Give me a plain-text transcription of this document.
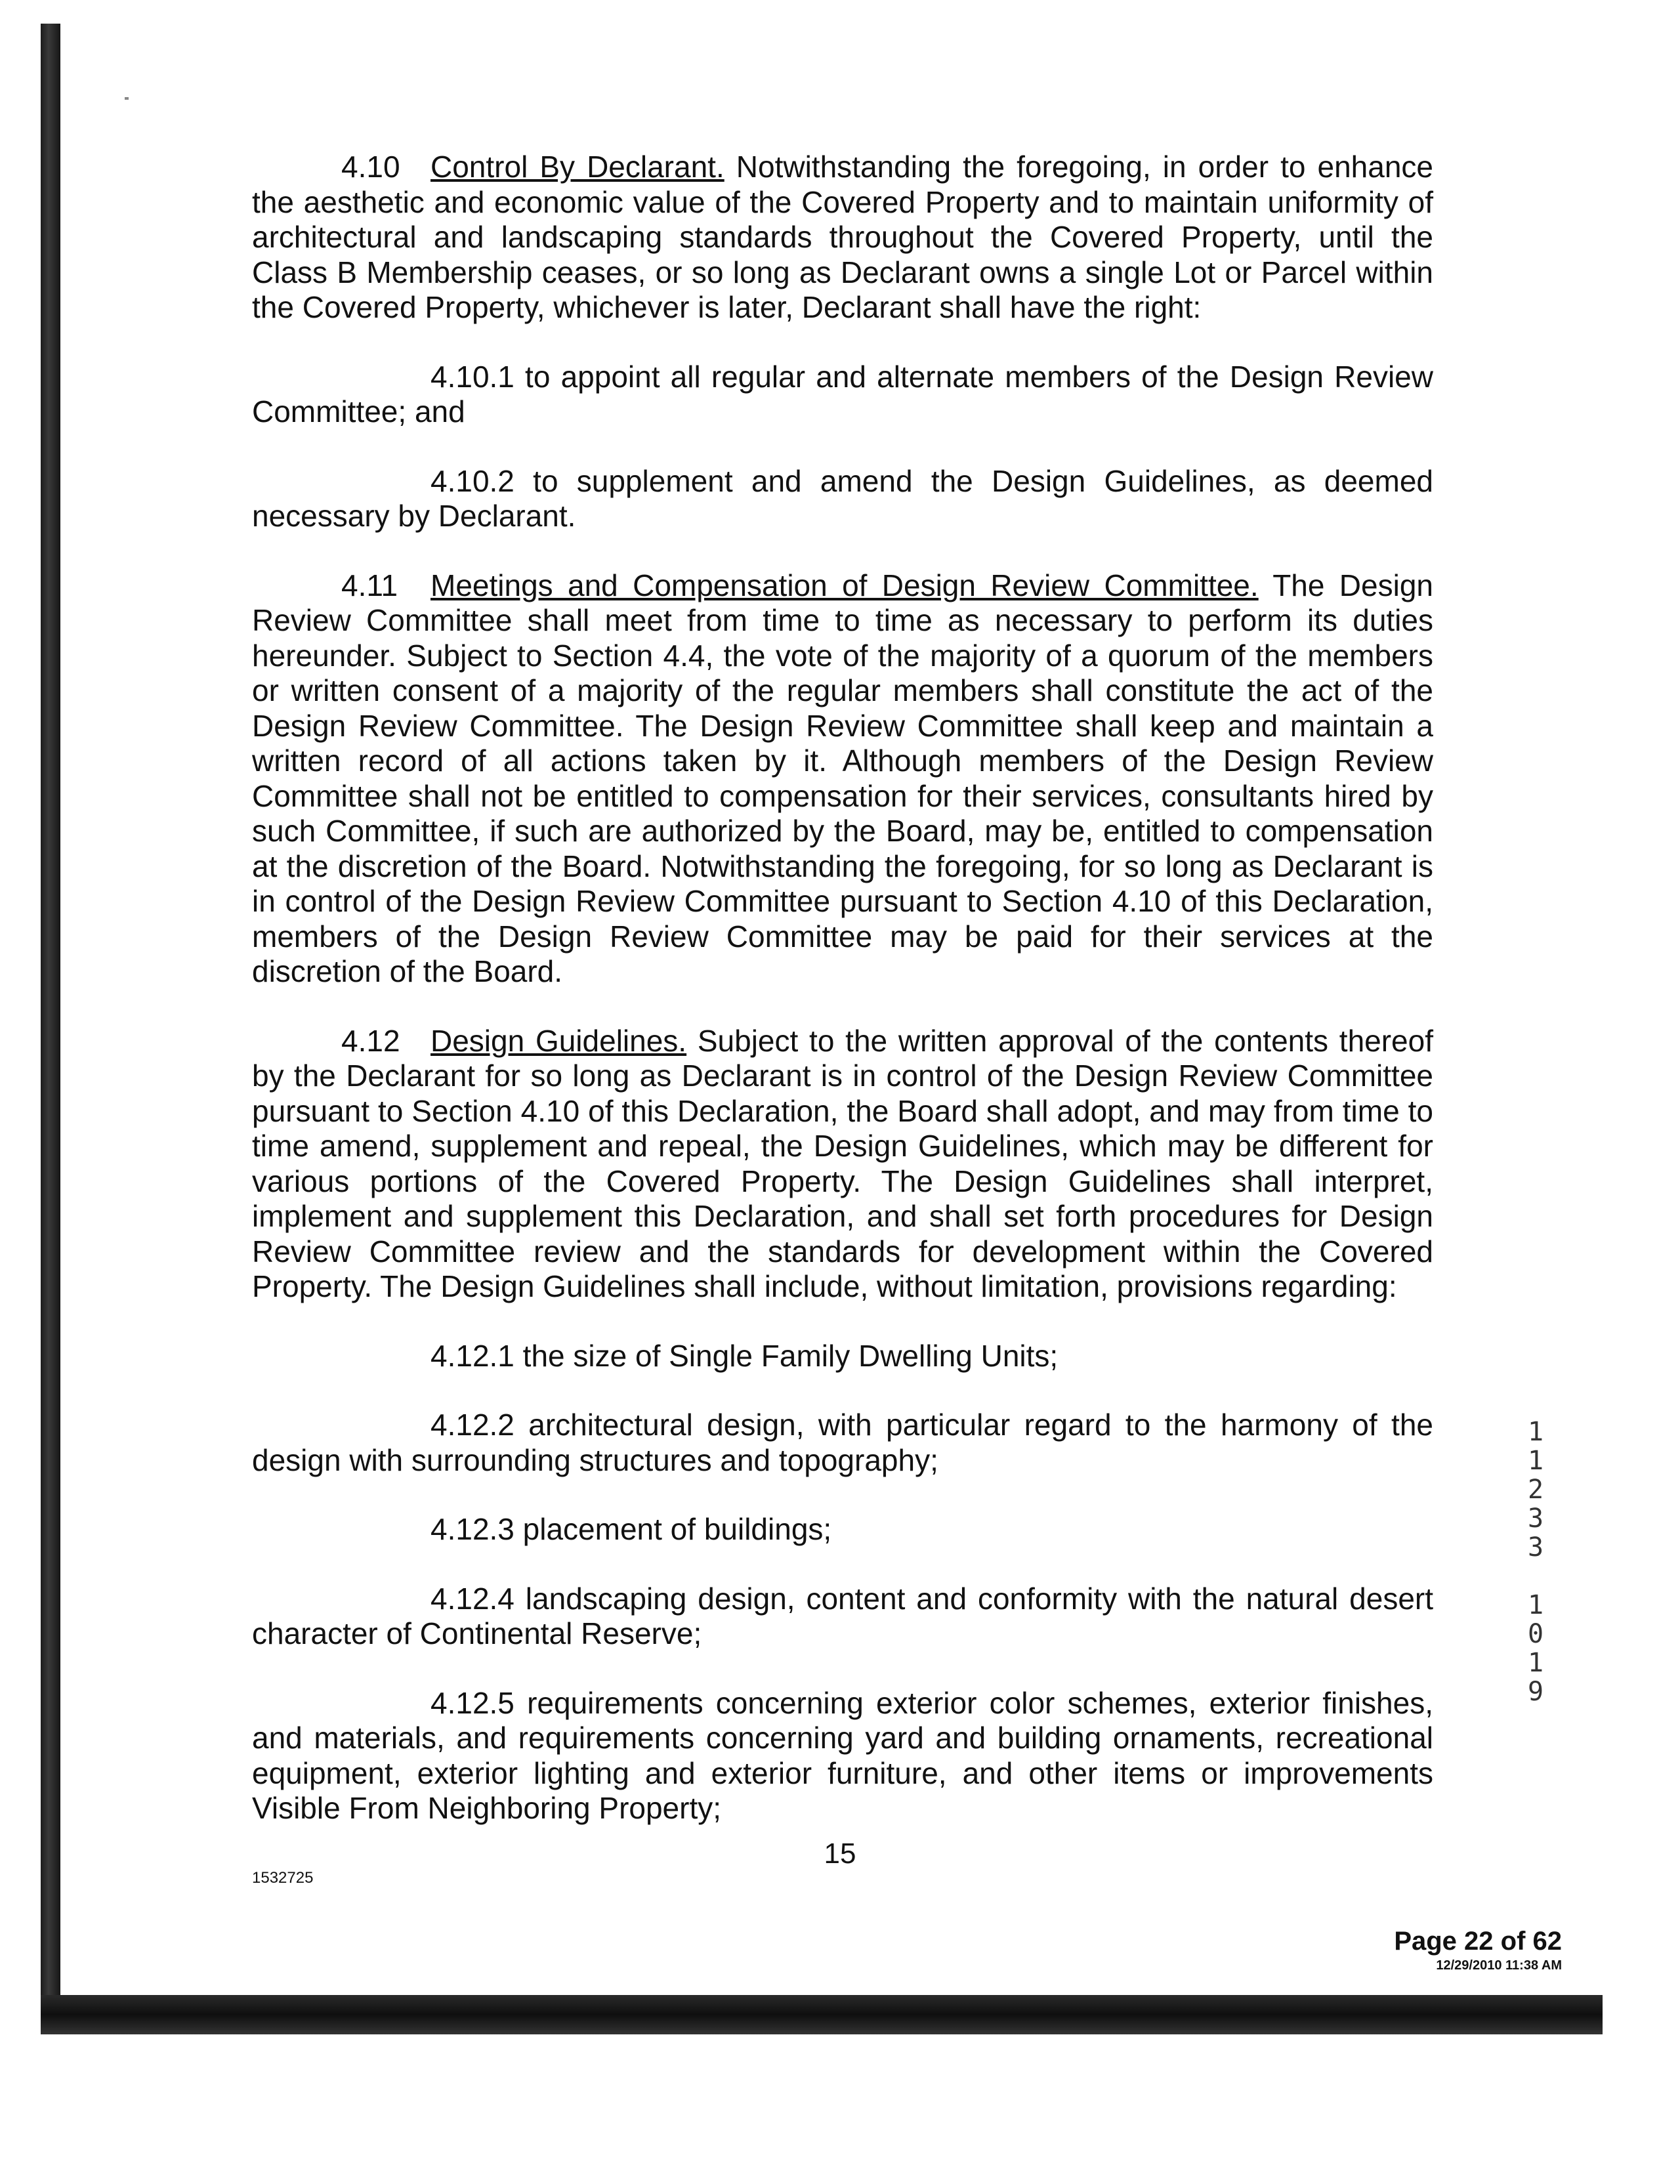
4.10 Control By Declarant. Notwithstanding the foregoing, in order to enhance the aesthetic and economic value of the Covered Property and to maintain uniformity of architectural and landscaping standards throughout the Covered Property, until the Class B Membership ceases, or so long as Declarant owns a single Lot or Parcel within the Covered Property, whichever is later, Declarant shall have the right:

4.10.1 to appoint all regular and alternate members of the Design Review Committee; and

4.10.2 to supplement and amend the Design Guidelines, as deemed necessary by Declarant.

4.11 Meetings and Compensation of Design Review Committee. The Design Review Committee shall meet from time to time as necessary to perform its duties hereunder. Subject to Section 4.4, the vote of the majority of a quorum of the members or written consent of a majority of the regular members shall constitute the act of the Design Review Committee. The Design Review Committee shall keep and maintain a written record of all actions taken by it. Although members of the Design Review Committee shall not be entitled to compensation for their services, consultants hired by such Committee, if such are authorized by the Board, may be, entitled to compensation at the discretion of the Board. Notwithstanding the foregoing, for so long as Declarant is in control of the Design Review Committee pursuant to Section 4.10 of this Declaration, members of the Design Review Committee may be paid for their services at the discretion of the Board.

4.12 Design Guidelines. Subject to the written approval of the contents thereof by the Declarant for so long as Declarant is in control of the Design Review Committee pursuant to Section 4.10 of this Declaration, the Board shall adopt, and may from time to time amend, supplement and repeal, the Design Guidelines, which may be different for various portions of the Covered Property. The Design Guidelines shall interpret, implement and supplement this Declaration, and shall set forth procedures for Design Review Committee review and the standards for development within the Covered Property. The Design Guidelines shall include, without limitation, provisions regarding:

4.12.1 the size of Single Family Dwelling Units;

4.12.2 architectural design, with particular regard to the harmony of the design with surrounding structures and topography;

4.12.3 placement of buildings;

4.12.4 landscaping design, content and conformity with the natural desert character of Continental Reserve;

4.12.5 requirements concerning exterior color schemes, exterior finishes, and materials, and requirements concerning yard and building ornaments, recreational equipment, exterior lighting and exterior furniture, and other items or improvements Visible From Neighboring Property;

1
1
2
3
3

1
0
1
9
15
1532725
Page 22 of 62
12/29/2010 11:38 AM
